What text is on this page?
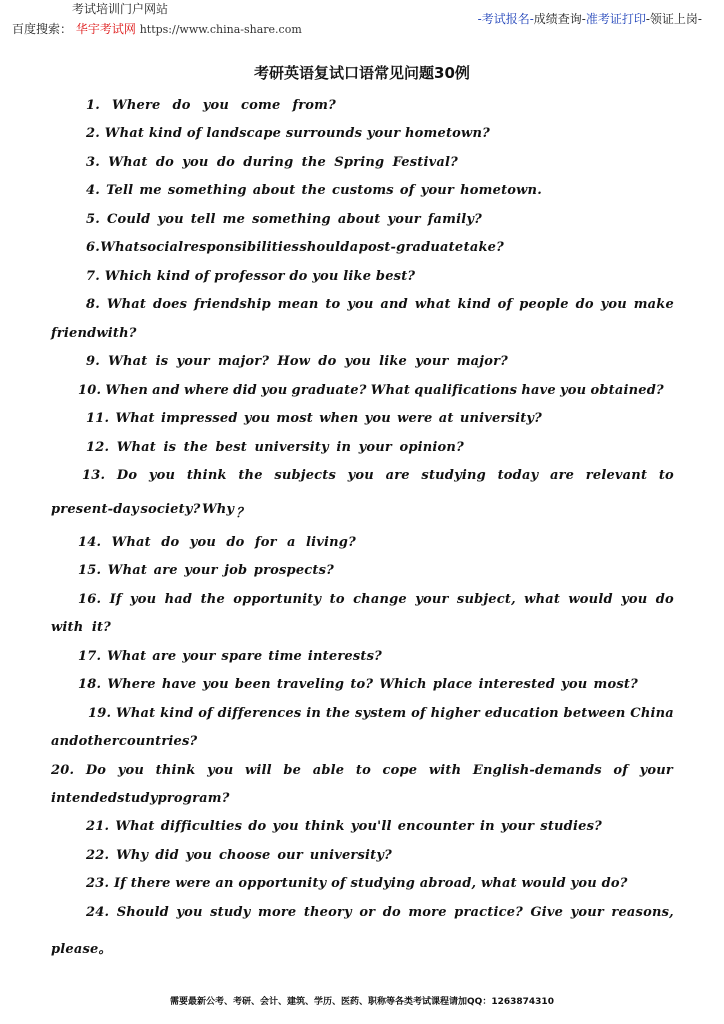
考试培训门户网站
百度搜索： 华宇考试网 https://www.china-share.com
-考试报名-成绩查询-准考证打印-领证上岗-
考研英语复试口语常见问题30例
1. Where do you come from?
2. What kind of landscape surrounds your hometown?
3. What do you do during the Spring Festival?
4. Tell me something about the customs of your hometown.
5. Could you tell me something about your family?
6. What social responsibilities should a post-graduate take?
7. Which kind of professor do you like best?
8. What does friendship mean to you and what kind of people do you make
friend with?
9. What is your major? How do you like your major?
10. When and where did you graduate? What qualifications have you obtained?
11. What impressed you most when you were at university?
12. What is the best university in your opinion?
13. Do you think the subjects you are studying today are relevant to
present-day society? Why ？
14. What do you do for a living?
15. What are your job prospects?
16. If you had the opportunity to change your subject, what would you do
with it?
17. What are your spare time interests?
18. Where have you been traveling to? Which place interested you most?
19. What kind of differences in the system of higher education between China
and other countries?
20. Do you think you will be able to cope with English-demands of your
intended study program?
21. What difficulties do you think you'll encounter in your studies?
22. Why did you choose our university?
23. If there were an opportunity of studying abroad, what would you do?
24. Should you study more theory or do more practice? Give your reasons,
please。
需要最新公考、考研、会计、建筑、学历、医药、职称等各类考试课程请加QQ：1263874310
